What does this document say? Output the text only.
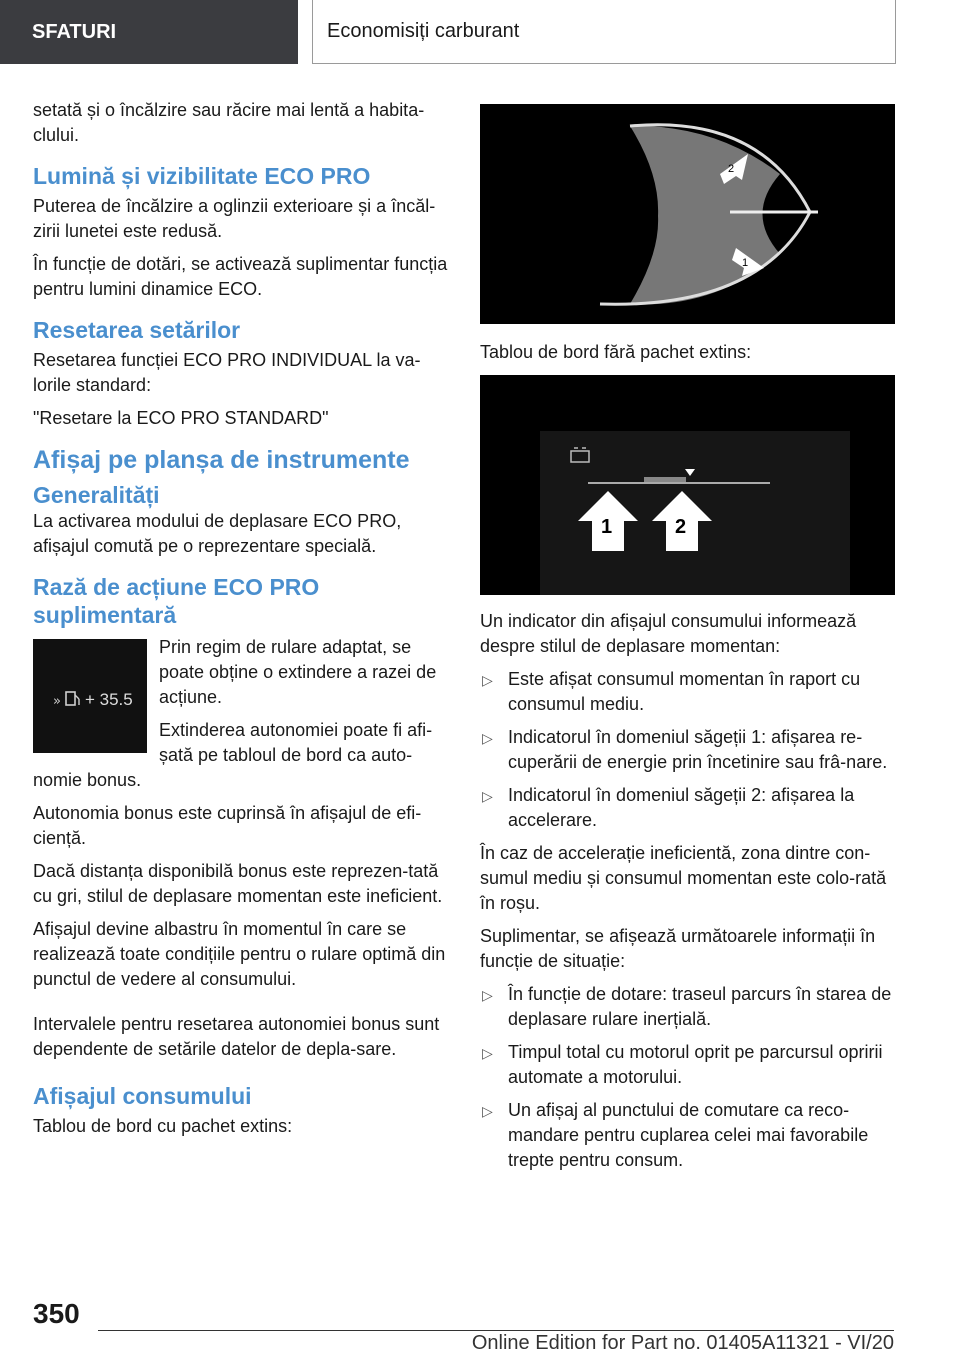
SFATURI	Economisiți carburant

setată și o încălzire sau răcire mai lentă a habita-clului.

Lumină și vizibilitate ECO PRO

Puterea de încălzire a oglinzii exterioare și a încăl-zirii lunetei este redusă.

În funcție de dotări, se activează suplimentar funcția pentru lumini dinamice ECO.

Resetarea setărilor

Resetarea funcției ECO PRO INDIVIDUAL la va-lorile standard:

"Resetare la ECO PRO STANDARD"

Afișaj pe planșa de instrumente
Generalități

La activarea modului de deplasare ECO PRO, afișajul comută pe o reprezentare specială.

Rază de acțiune ECO PRO suplimentară
» + 35.5

Prin regim de rulare adaptat, se poate obține o extindere a razei de acțiune.

Extinderea autonomiei poate fi afi-șată pe tabloul de bord ca auto-nomie bonus.

Autonomia bonus este cuprinsă în afișajul de efi-ciență.

Dacă distanța disponibilă bonus este reprezen-tată cu gri, stilul de deplasare momentan este ineficient.

Afișajul devine albastru în momentul în care se realizează toate condițiile pentru o rulare optimă din punctul de vedere al consumului.

Intervalele pentru resetarea autonomiei bonus sunt dependente de setările datelor de depla-sare.

Afișajul consumului

Tablou de bord cu pachet extins:

2
1

Tablou de bord fără pachet extins:

1	2

Un indicator din afișajul consumului informează despre stilul de deplasare momentan:

▷ Este afișat consumul momentan în raport cu consumul mediu.
▷ Indicatorul în domeniul săgeții 1: afișarea re-cuperării de energie prin încetinire sau frâ-nare.
▷ Indicatorul în domeniul săgeții 2: afișarea la accelerare.

În caz de accelerație ineficientă, zona dintre con-sumul mediu și consumul momentan este colo-rată în roșu.

Suplimentar, se afișează următoarele informații în funcție de situație:

▷ În funcție de dotare: traseul parcurs în starea de deplasare rulare inerțială.
▷ Timpul total cu motorul oprit pe parcursul opririi automate a motorului.
▷ Un afișaj al punctului de comutare ca reco-mandare pentru cuplarea celei mai favorabile trepte pentru consum.
350
Online Edition for Part no. 01405A11321 - VI/20
